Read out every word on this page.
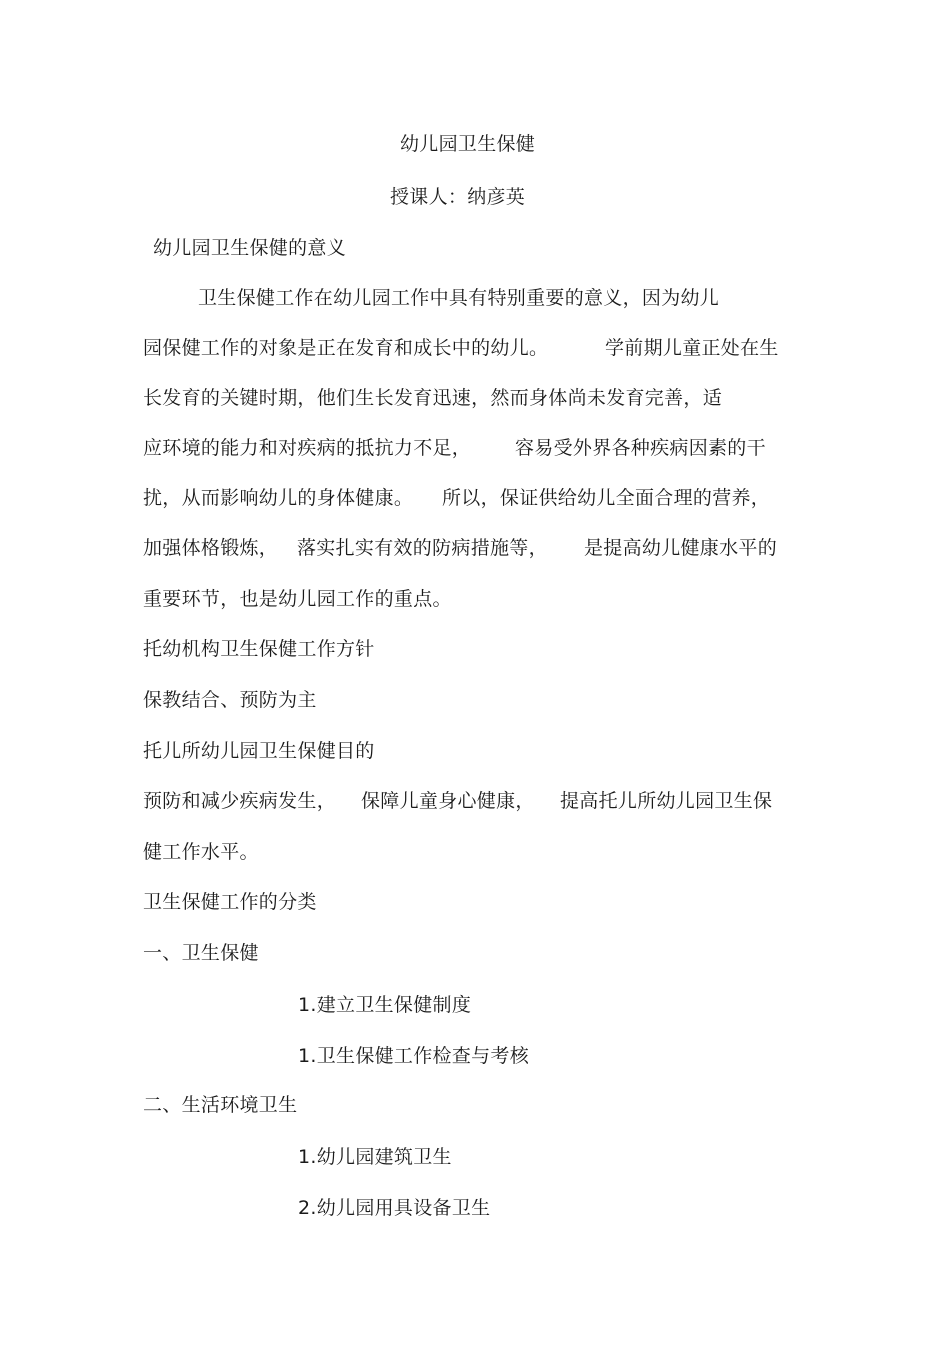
幼儿园卫生保健
授课人：纳彦英
幼儿园卫生保健的意义
卫生保健工作在幼儿园工作中具有特别重要的意义，因为幼儿
园保健工作的对象是正在发育和成长中的幼儿。	学前期儿童正处在生
长发育的关键时期，他们生长发育迅速，然而身体尚未发育完善，适
应环境的能力和对疾病的抵抗力不足， 容易受外界各种疾病因素的干
扰，从而影响幼儿的身体健康。 所以，保证供给幼儿全面合理的营养，
加强体格锻炼， 落实扎实有效的防病措施等， 是提高幼儿健康水平的
重要环节，也是幼儿园工作的重点。
托幼机构卫生保健工作方针
保教结合、预防为主
托儿所幼儿园卫生保健目的
预防和减少疾病发生， 保障儿童身心健康， 提高托儿所幼儿园卫生保
健工作水平。
卫生保健工作的分类
一、卫生保健
1.建立卫生保健制度
1.卫生保健工作检查与考核
二、生活环境卫生
1.幼儿园建筑卫生
2.幼儿园用具设备卫生
